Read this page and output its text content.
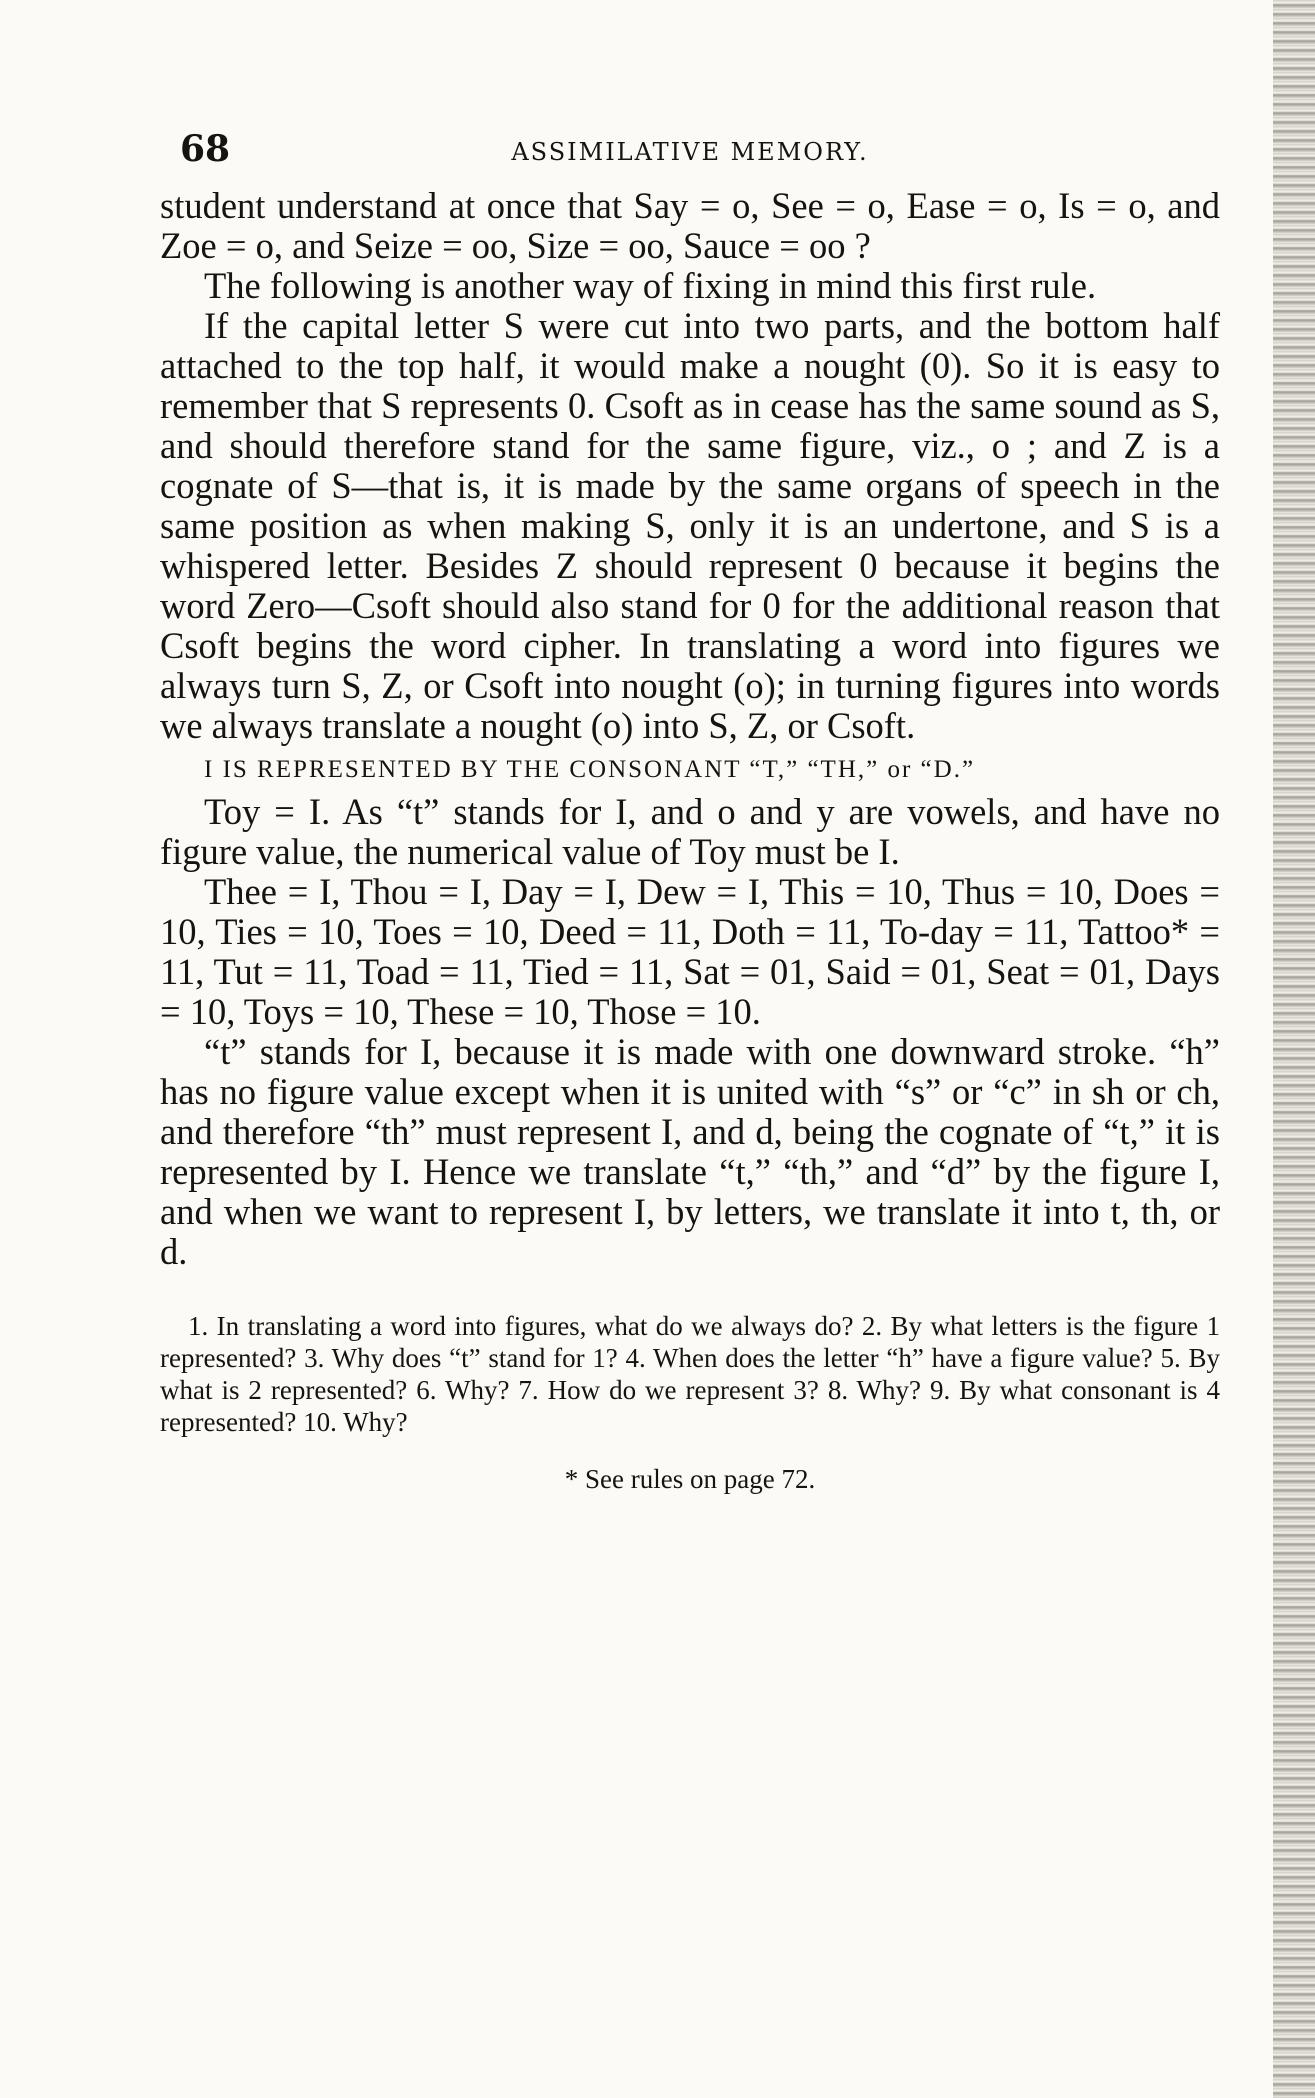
68	ASSIMILATIVE MEMORY.

student understand at once that Say = o, See = o, Ease = o, Is = o, and Zoe = o, and Seize = oo, Size = oo, Sauce = oo ?

The following is another way of fixing in mind this first rule.

If the capital letter S were cut into two parts, and the bottom half attached to the top half, it would make a nought (0). So it is easy to remember that S represents 0. Csoft as in cease has the same sound as S, and should therefore stand for the same figure, viz., o ; and Z is a cognate of S—that is, it is made by the same organs of speech in the same position as when making S, only it is an undertone, and S is a whispered letter. Besides Z should represent 0 because it begins the word Zero—Csoft should also stand for 0 for the additional reason that Csoft begins the word cipher. In translating a word into figures we always turn S, Z, or Csoft into nought (o); in turning figures into words we always translate a nought (o) into S, Z, or Csoft.

I IS REPRESENTED BY THE CONSONANT “T,” “TH,” or “D.”

Toy = I. As “t” stands for I, and o and y are vowels, and have no figure value, the numerical value of Toy must be I.

Thee = I, Thou = I, Day = I, Dew = I, This = 10, Thus = 10, Does = 10, Ties = 10, Toes = 10, Deed = 11, Doth = 11, To-day = 11, Tattoo* = 11, Tut = 11, Toad = 11, Tied = 11, Sat = 01, Said = 01, Seat = 01, Days = 10, Toys = 10, These = 10, Those = 10.

“t” stands for I, because it is made with one downward stroke. “h” has no figure value except when it is united with “s” or “c” in sh or ch, and therefore “th” must represent I, and d, being the cognate of “t,” it is represented by I. Hence we translate “t,” “th,” and “d” by the figure I, and when we want to represent I, by letters, we translate it into t, th, or d.

1. In translating a word into figures, what do we always do? 2. By what letters is the figure 1 represented? 3. Why does “t” stand for 1? 4. When does the letter “h” have a figure value? 5. By what is 2 represented? 6. Why? 7. How do we represent 3? 8. Why? 9. By what consonant is 4 represented? 10. Why?

* See rules on page 72.
